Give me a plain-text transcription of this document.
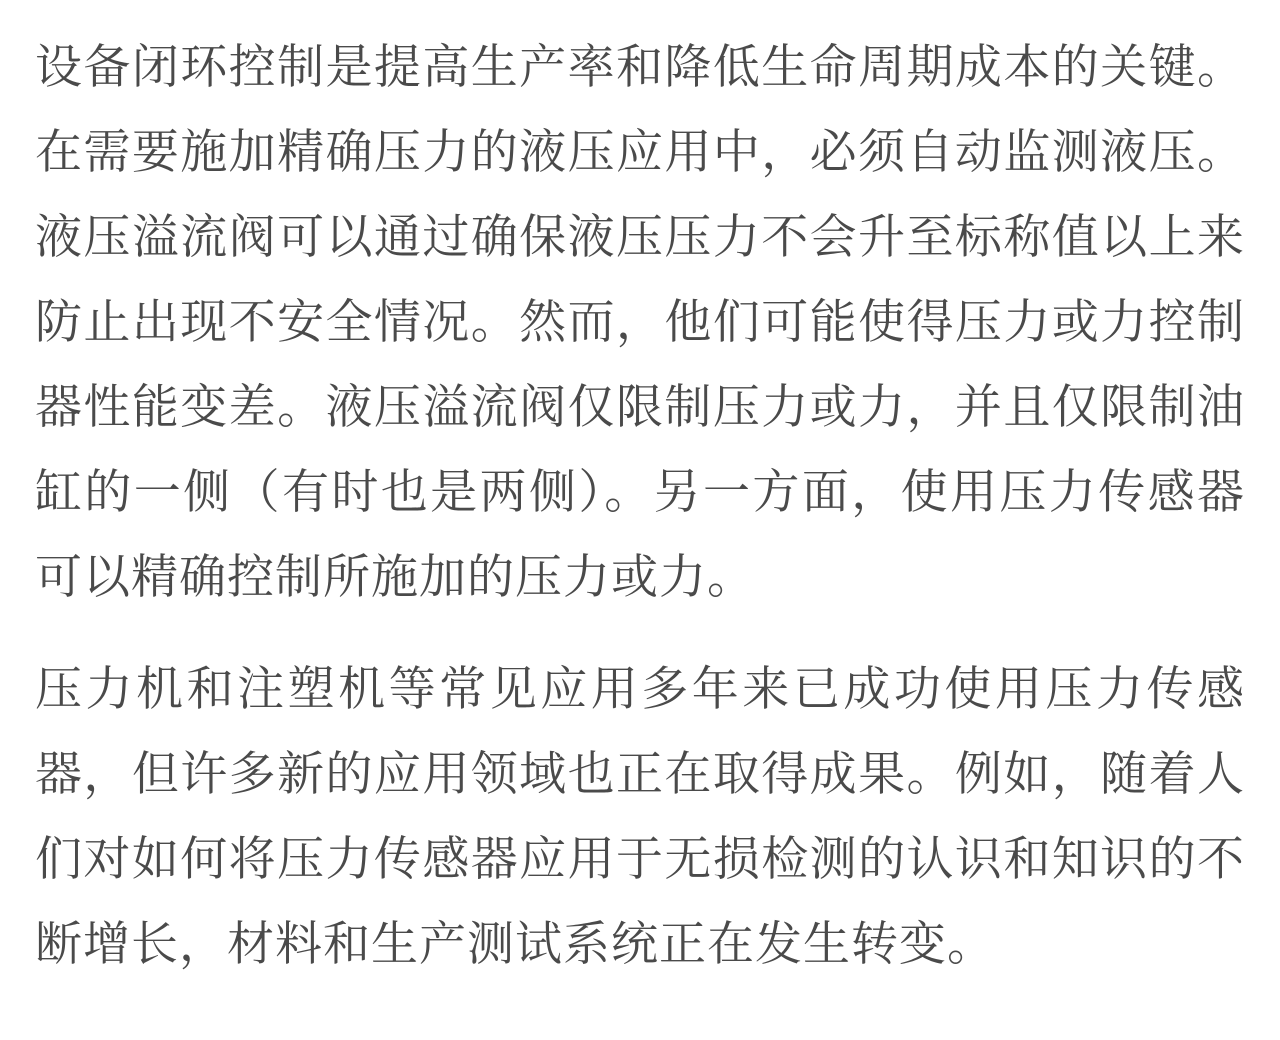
设备闭环控制是提高生产率和降低生命周期成本的关键。在需要施加精确压力的液压应用中，必须自动监测液压。液压溢流阀可以通过确保液压压力不会升至标称值以上来防止出现不安全情况。然而，他们可能使得压力或力控制器性能变差。液压溢流阀仅限制压力或力，并且仅限制油缸的一侧（有时也是两侧）。另一方面，使用压力传感器可以精确控制所施加的压力或力。

压力机和注塑机等常见应用多年来已成功使用压力传感器，但许多新的应用领域也正在取得成果。例如，随着人们对如何将压力传感器应用于无损检测的认识和知识的不断增长，材料和生产测试系统正在发生转变。
